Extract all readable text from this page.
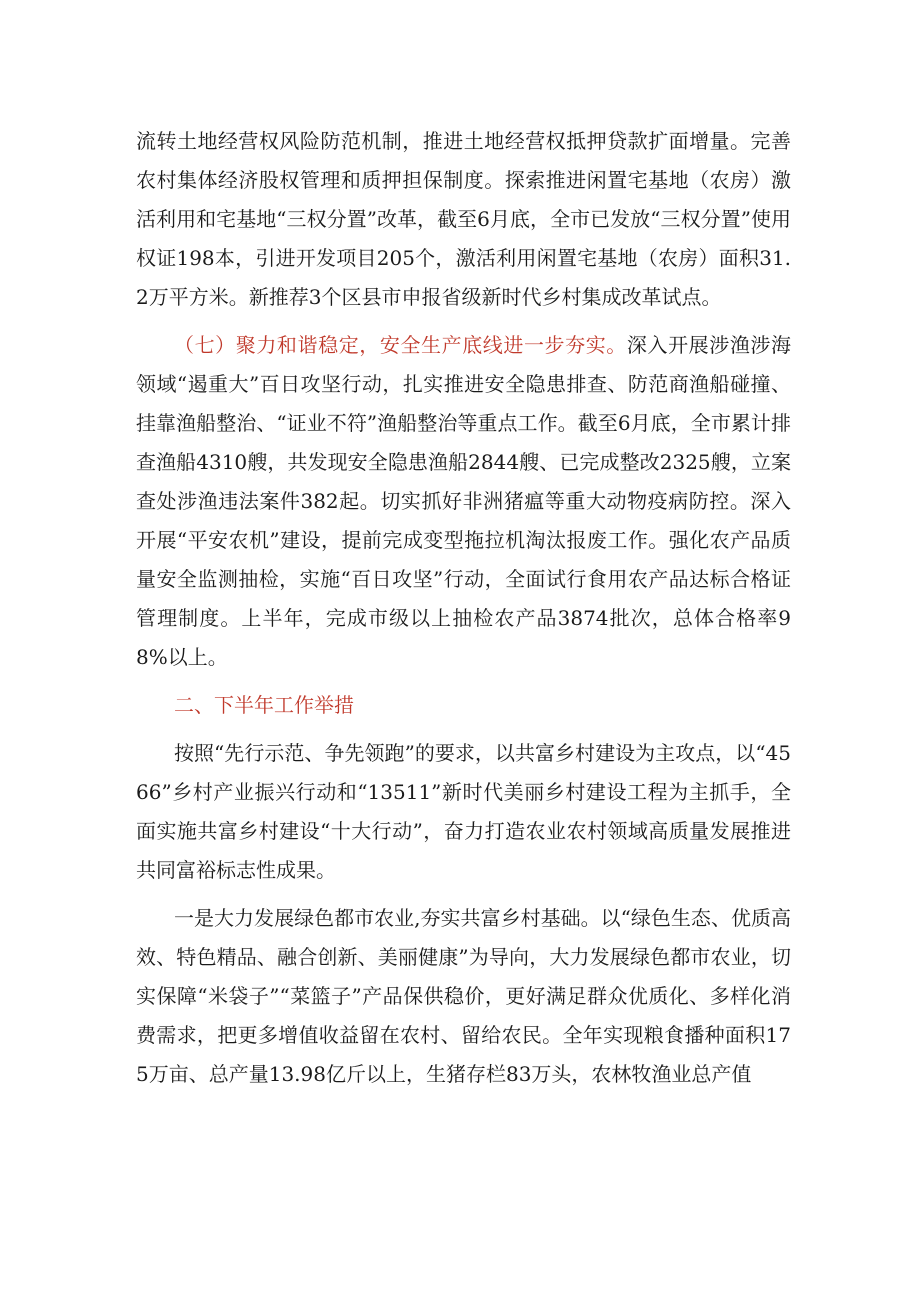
流转土地经营权风险防范机制，推进土地经营权抵押贷款扩面增量。完善农村集体经济股权管理和质押担保制度。探索推进闲置宅基地（农房）激活利用和宅基地“三权分置”改革，截至6月底，全市已发放“三权分置”使用权证198本，引进开发项目205个，激活利用闲置宅基地（农房）面积31.2万平方米。新推荐3个区县市申报省级新时代乡村集成改革试点。

（七）聚力和谐稳定，安全生产底线进一步夯实。深入开展涉渔涉海领域“遏重大”百日攻坚行动，扎实推进安全隐患排查、防范商渔船碰撞、挂靠渔船整治、“证业不符”渔船整治等重点工作。截至6月底，全市累计排查渔船4310艘，共发现安全隐患渔船2844艘、已完成整改2325艘，立案查处涉渔违法案件382起。切实抓好非洲猪瘟等重大动物疫病防控。深入开展“平安农机”建设，提前完成变型拖拉机淘汰报废工作。强化农产品质量安全监测抽检，实施“百日攻坚”行动，全面试行食用农产品达标合格证管理制度。上半年，完成市级以上抽检农产品3874批次，总体合格率98%以上。

二、下半年工作举措

按照“先行示范、争先领跑”的要求，以共富乡村建设为主攻点，以“4566”乡村产业振兴行动和“13511”新时代美丽乡村建设工程为主抓手，全面实施共富乡村建设“十大行动”，奋力打造农业农村领域高质量发展推进共同富裕标志性成果。

一是大力发展绿色都市农业,夯实共富乡村基础。以“绿色生态、优质高效、特色精品、融合创新、美丽健康”为导向，大力发展绿色都市农业，切实保障“米袋子”“菜篮子”产品保供稳价，更好满足群众优质化、多样化消费需求，把更多增值收益留在农村、留给农民。全年实现粮食播种面积175万亩、总产量13.98亿斤以上，生猪存栏83万头，农林牧渔业总产值
